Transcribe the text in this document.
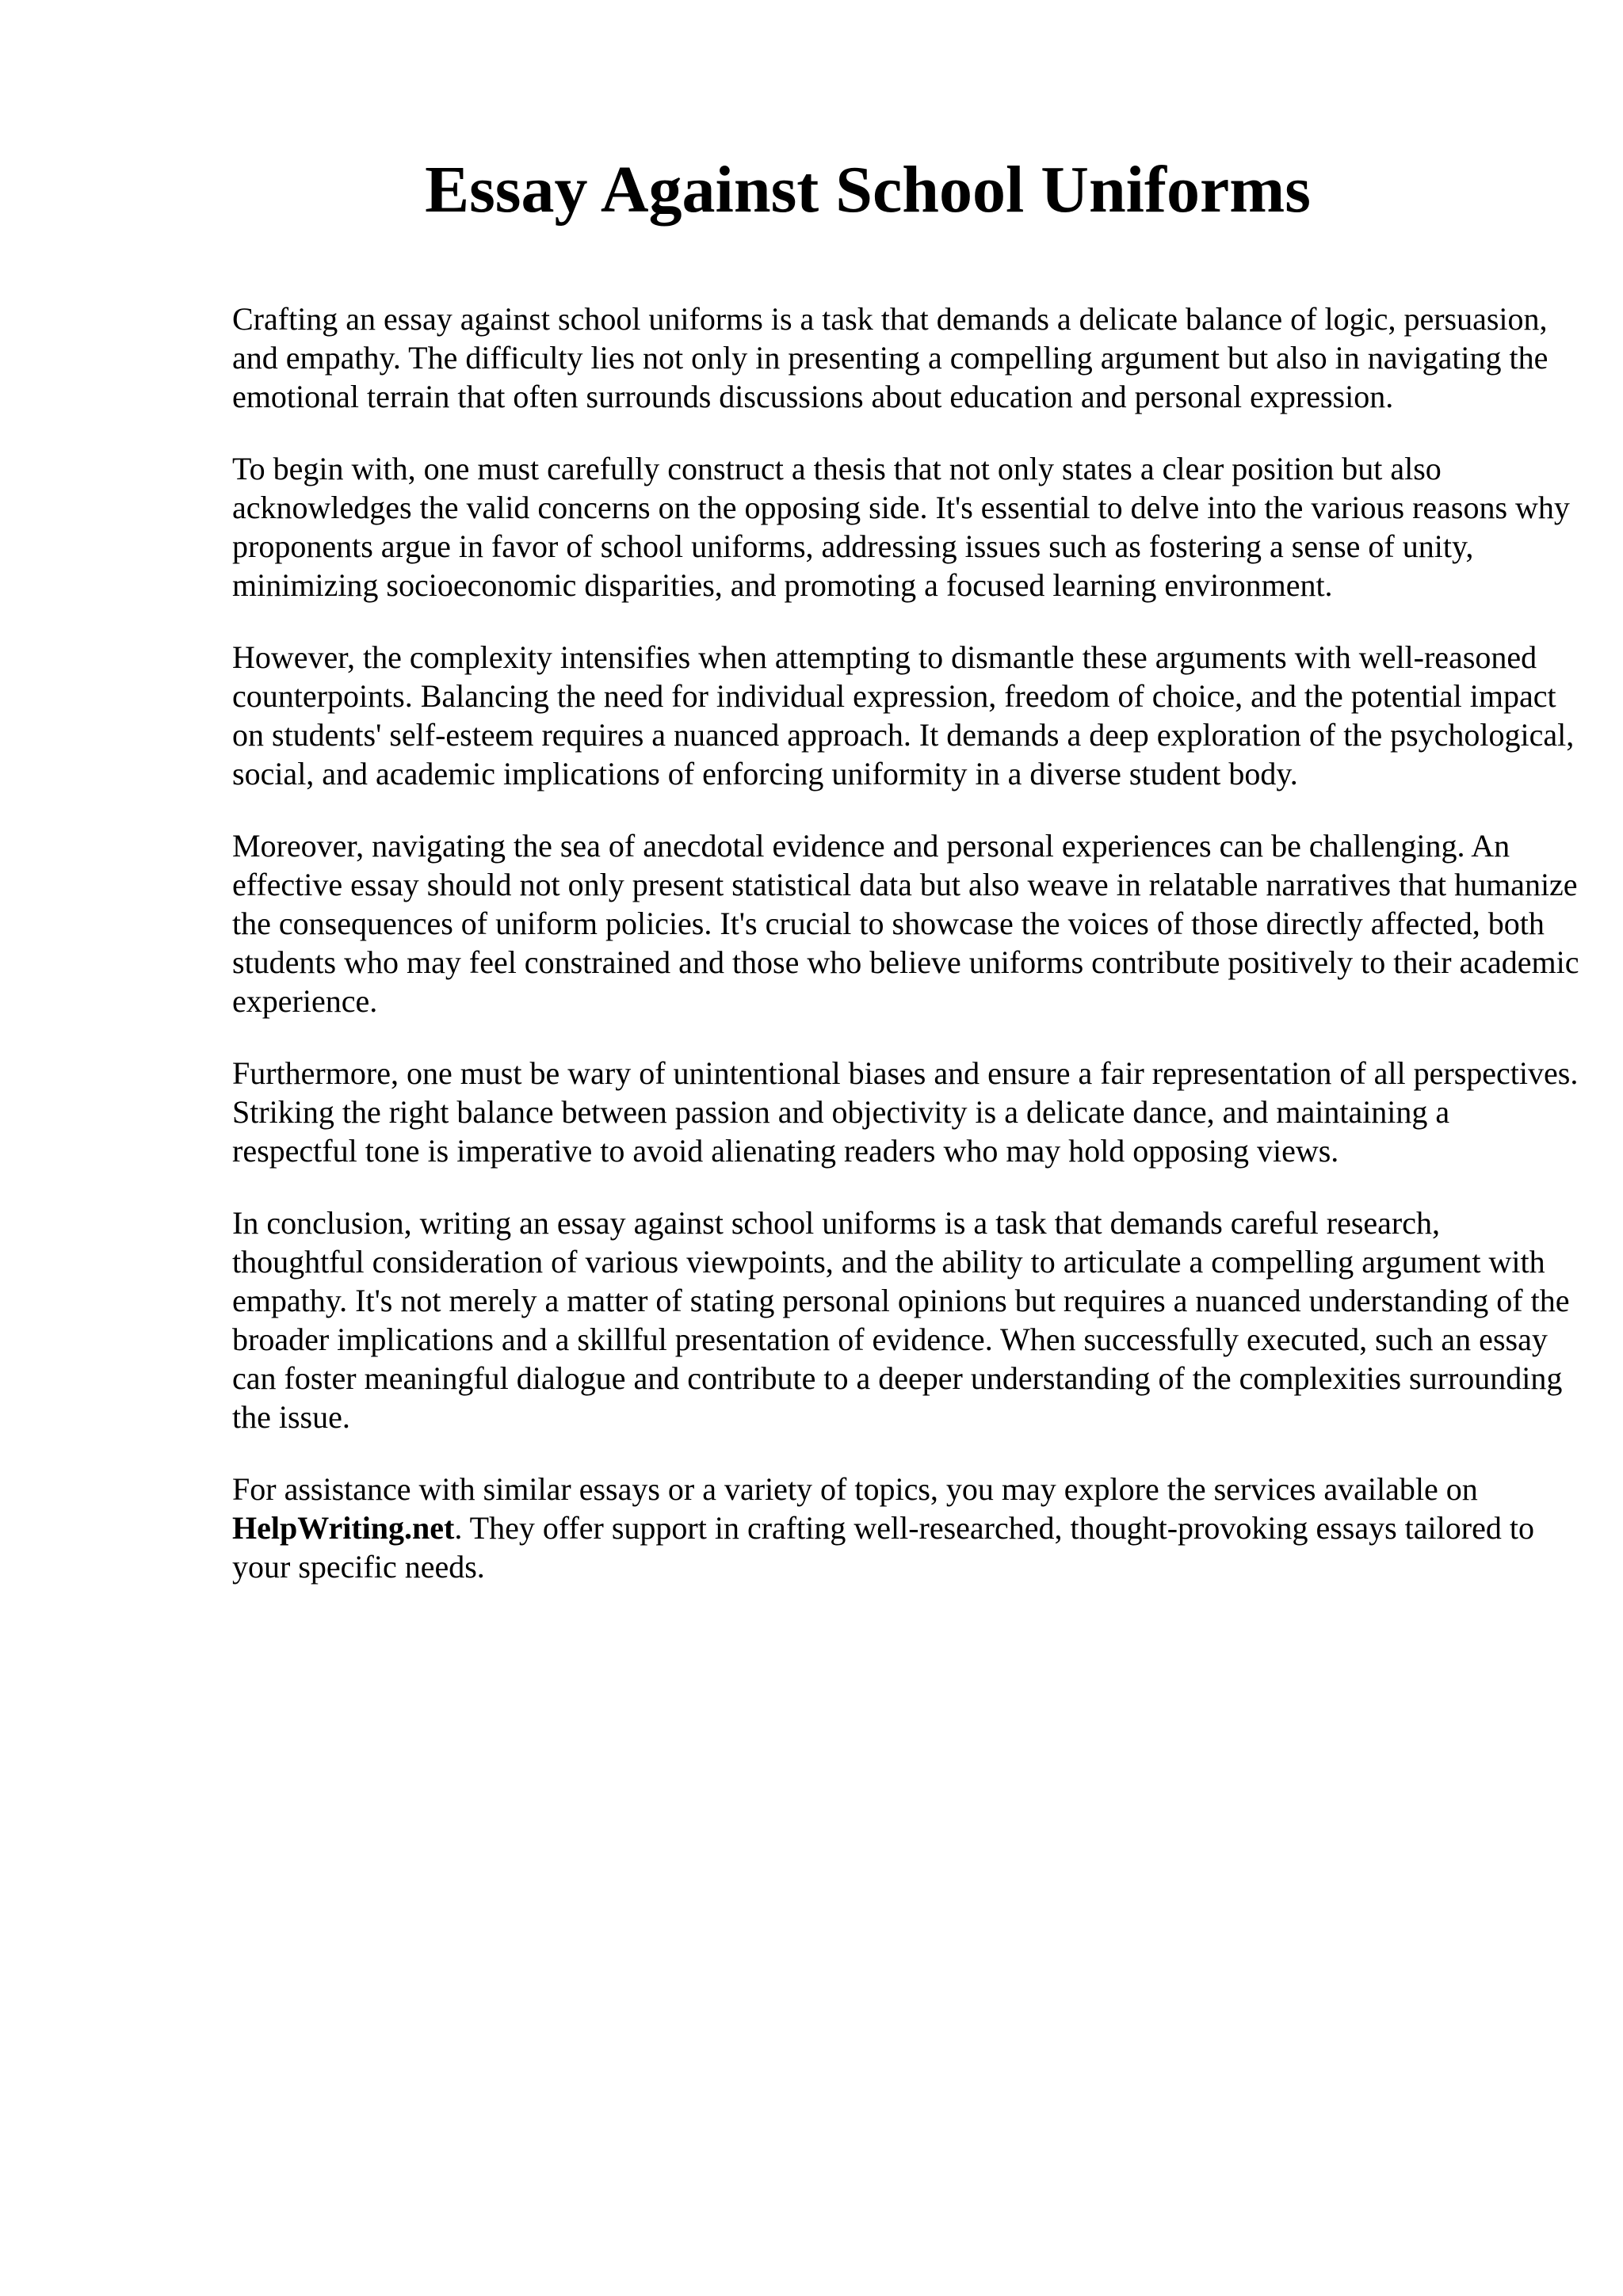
Essay Against School Uniforms

Crafting an essay against school uniforms is a task that demands a delicate balance of logic, persuasion, and empathy. The difficulty lies not only in presenting a compelling argument but also in navigating the emotional terrain that often surrounds discussions about education and personal expression.

To begin with, one must carefully construct a thesis that not only states a clear position but also acknowledges the valid concerns on the opposing side. It's essential to delve into the various reasons why proponents argue in favor of school uniforms, addressing issues such as fostering a sense of unity, minimizing socioeconomic disparities, and promoting a focused learning environment.

However, the complexity intensifies when attempting to dismantle these arguments with well-reasoned counterpoints. Balancing the need for individual expression, freedom of choice, and the potential impact on students' self-esteem requires a nuanced approach. It demands a deep exploration of the psychological, social, and academic implications of enforcing uniformity in a diverse student body.

Moreover, navigating the sea of anecdotal evidence and personal experiences can be challenging. An effective essay should not only present statistical data but also weave in relatable narratives that humanize the consequences of uniform policies. It's crucial to showcase the voices of those directly affected, both students who may feel constrained and those who believe uniforms contribute positively to their academic experience.

Furthermore, one must be wary of unintentional biases and ensure a fair representation of all perspectives. Striking the right balance between passion and objectivity is a delicate dance, and maintaining a respectful tone is imperative to avoid alienating readers who may hold opposing views.

In conclusion, writing an essay against school uniforms is a task that demands careful research, thoughtful consideration of various viewpoints, and the ability to articulate a compelling argument with empathy. It's not merely a matter of stating personal opinions but requires a nuanced understanding of the broader implications and a skillful presentation of evidence. When successfully executed, such an essay can foster meaningful dialogue and contribute to a deeper understanding of the complexities surrounding the issue.

For assistance with similar essays or a variety of topics, you may explore the services available on HelpWriting.net. They offer support in crafting well-researched, thought-provoking essays tailored to your specific needs.
